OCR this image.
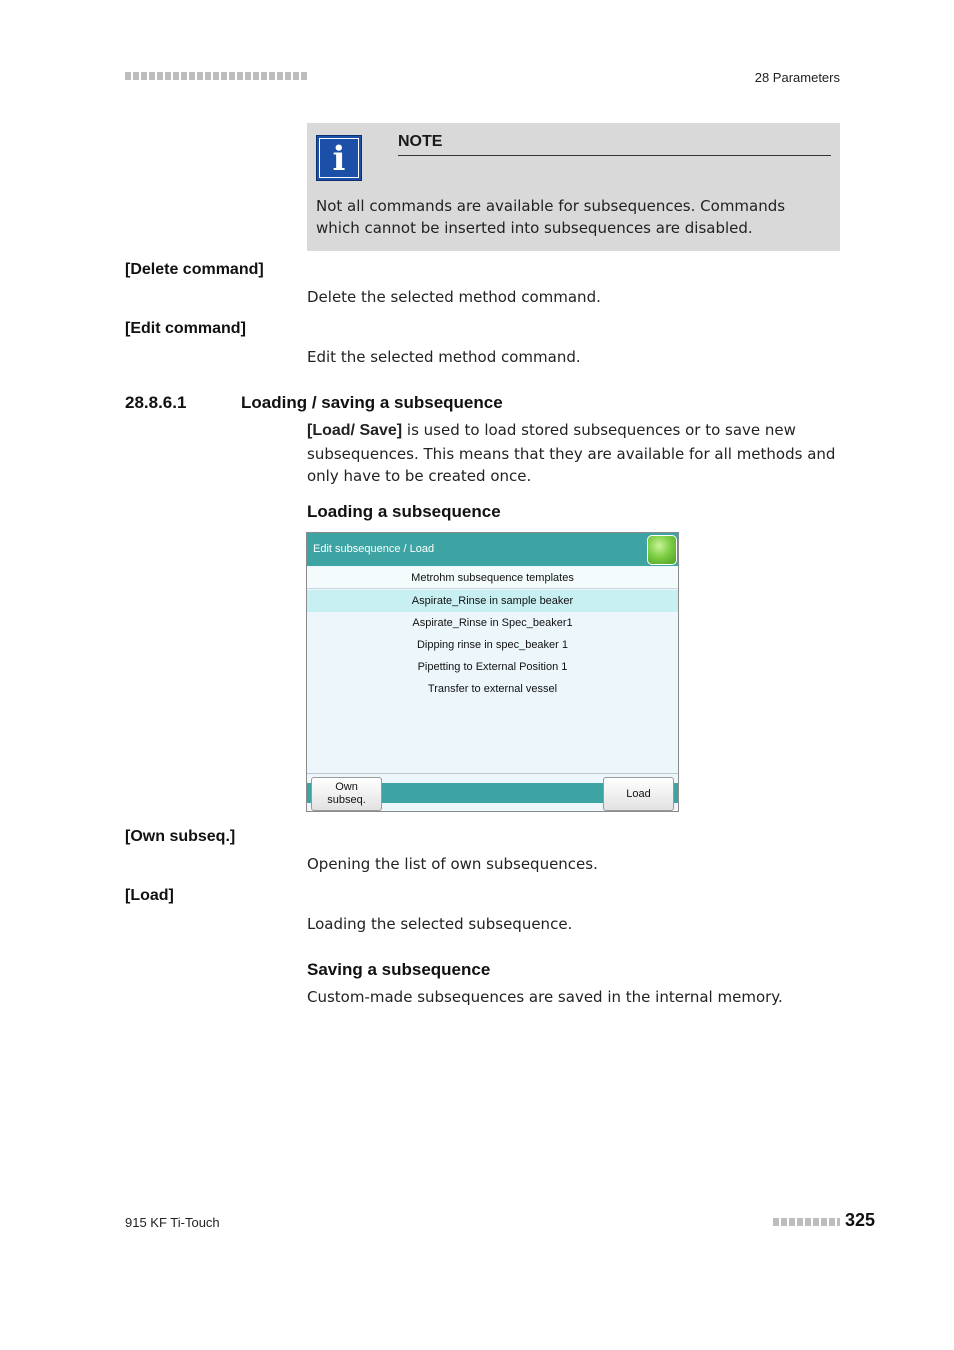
28 Parameters
i	NOTE
Not all commands are available for subsequences. Commands which cannot be inserted into subsequences are disabled.
[Delete command]
Delete the selected method command.
[Edit command]
Edit the selected method command.
28.8.6.1	Loading / saving a subsequence
[Load/ Save] is used to load stored subsequences or to save new subsequences. This means that they are available for all methods and only have to be created once.
Loading a subsequence
Edit subsequence / Load
Metrohm subsequence templates
Aspirate_Rinse in sample beaker
Aspirate_Rinse in Spec_beaker1
Dipping rinse in spec_beaker 1
Pipetting to External Position 1
Transfer to external vessel
Own
subseq.
Load
[Own subseq.]
Opening the list of own subsequences.
[Load]
Loading the selected subsequence.
Saving a subsequence
Custom-made subsequences are saved in the internal memory.
915 KF Ti-Touch	325
